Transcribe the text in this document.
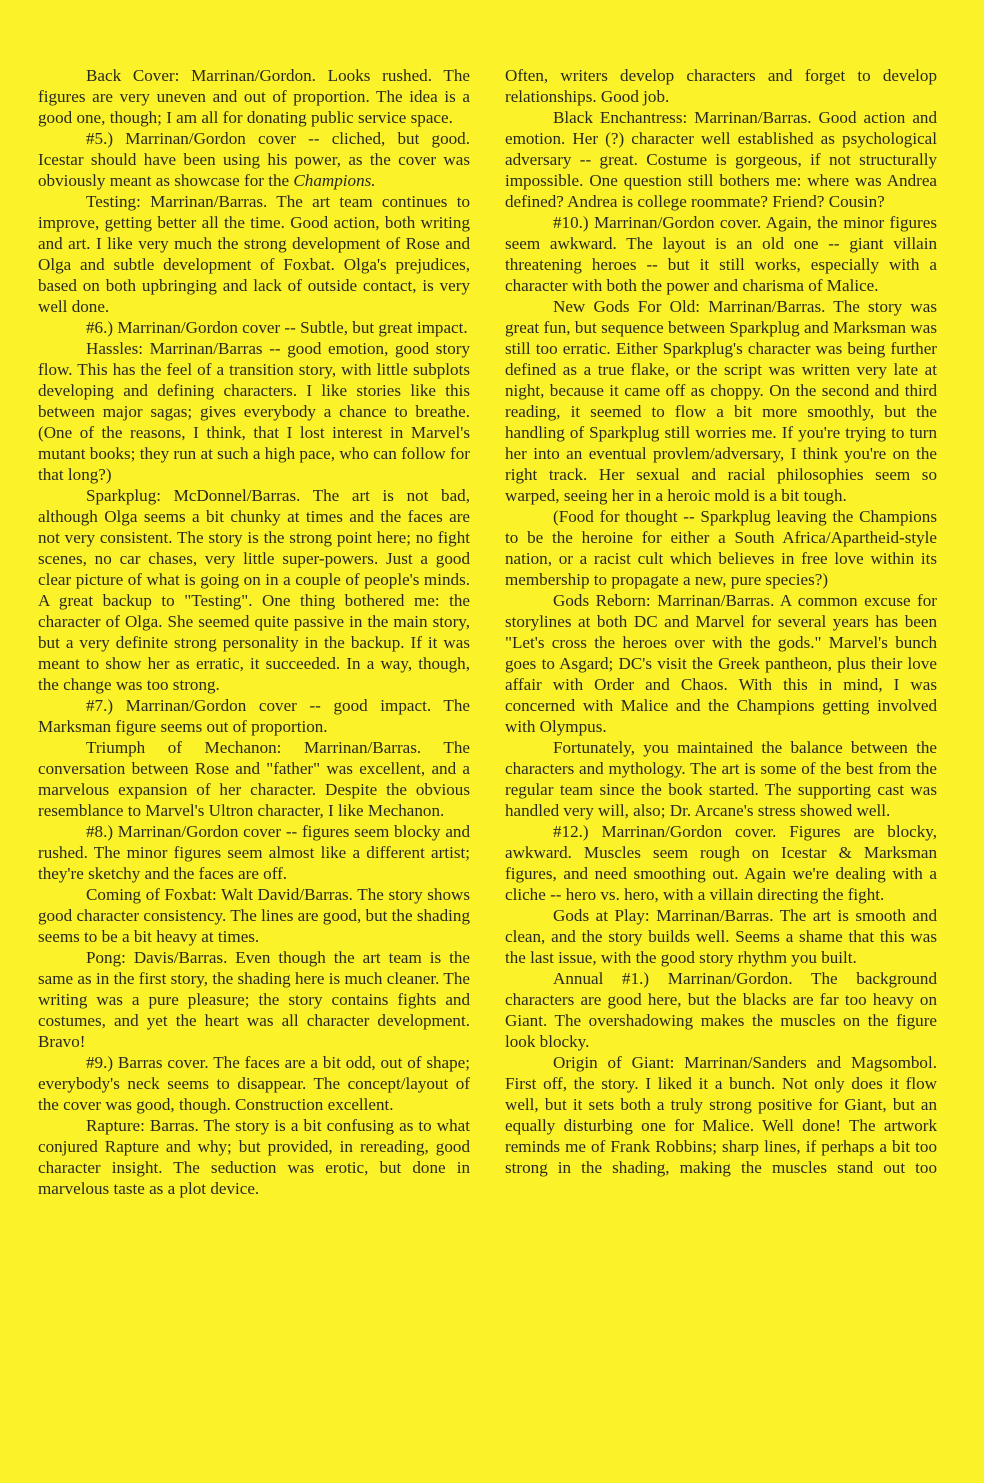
Back Cover: Marrinan/Gordon. Looks rushed. The figures are very uneven and out of proportion. The idea is a good one, though; I am all for donating public service space.

#5.) Marrinan/Gordon cover -- cliched, but good. Icestar should have been using his power, as the cover was obviously meant as showcase for the Champions.

Testing: Marrinan/Barras. The art team continues to improve, getting better all the time. Good action, both writing and art. I like very much the strong development of Rose and Olga and subtle development of Foxbat. Olga's prejudices, based on both upbringing and lack of outside contact, is very well done.

#6.) Marrinan/Gordon cover -- Subtle, but great impact.

Hassles: Marrinan/Barras -- good emotion, good story flow. This has the feel of a transition story, with little subplots developing and defining characters. I like stories like this between major sagas; gives everybody a chance to breathe. (One of the reasons, I think, that I lost interest in Marvel's mutant books; they run at such a high pace, who can follow for that long?)

Sparkplug: McDonnel/Barras. The art is not bad, although Olga seems a bit chunky at times and the faces are not very consistent. The story is the strong point here; no fight scenes, no car chases, very little super-powers. Just a good clear picture of what is going on in a couple of people's minds. A great backup to "Testing". One thing bothered me: the character of Olga. She seemed quite passive in the main story, but a very definite strong personality in the backup. If it was meant to show her as erratic, it succeeded. In a way, though, the change was too strong.

#7.) Marrinan/Gordon cover -- good impact. The Marksman figure seems out of proportion.

Triumph of Mechanon: Marrinan/Barras. The conversation between Rose and "father" was excellent, and a marvelous expansion of her character. Despite the obvious resemblance to Marvel's Ultron character, I like Mechanon.

#8.) Marrinan/Gordon cover -- figures seem blocky and rushed. The minor figures seem almost like a different artist; they're sketchy and the faces are off.

Coming of Foxbat: Walt David/Barras. The story shows good character consistency. The lines are good, but the shading seems to be a bit heavy at times.

Pong: Davis/Barras. Even though the art team is the same as in the first story, the shading here is much cleaner. The writing was a pure pleasure; the story contains fights and costumes, and yet the heart was all character development. Bravo!

#9.) Barras cover. The faces are a bit odd, out of shape; everybody's neck seems to disappear. The concept/layout of the cover was good, though. Construction excellent.

Rapture: Barras. The story is a bit confusing as to what conjured Rapture and why; but provided, in rereading, good character insight. The seduction was erotic, but done in marvelous taste as a plot device.

Often, writers develop characters and forget to develop relationships. Good job.

Black Enchantress: Marrinan/Barras. Good action and emotion. Her (?) character well established as psychological adversary -- great. Costume is gorgeous, if not structurally impossible. One question still bothers me: where was Andrea defined? Andrea is college roommate? Friend? Cousin?

#10.) Marrinan/Gordon cover. Again, the minor figures seem awkward. The layout is an old one -- giant villain threatening heroes -- but it still works, especially with a character with both the power and charisma of Malice.

New Gods For Old: Marrinan/Barras. The story was great fun, but sequence between Sparkplug and Marksman was still too erratic. Either Sparkplug's character was being further defined as a true flake, or the script was written very late at night, because it came off as choppy. On the second and third reading, it seemed to flow a bit more smoothly, but the handling of Sparkplug still worries me. If you're trying to turn her into an eventual provlem/adversary, I think you're on the right track. Her sexual and racial philosophies seem so warped, seeing her in a heroic mold is a bit tough.

(Food for thought -- Sparkplug leaving the Champions to be the heroine for either a South Africa/Apartheid-style nation, or a racist cult which believes in free love within its membership to propagate a new, pure species?)

Gods Reborn: Marrinan/Barras. A common excuse for storylines at both DC and Marvel for several years has been "Let's cross the heroes over with the gods." Marvel's bunch goes to Asgard; DC's visit the Greek pantheon, plus their love affair with Order and Chaos. With this in mind, I was concerned with Malice and the Champions getting involved with Olympus.

Fortunately, you maintained the balance between the characters and mythology. The art is some of the best from the regular team since the book started. The supporting cast was handled very will, also; Dr. Arcane's stress showed well.

#12.) Marrinan/Gordon cover. Figures are blocky, awkward. Muscles seem rough on Icestar & Marksman figures, and need smoothing out. Again we're dealing with a cliche -- hero vs. hero, with a villain directing the fight.

Gods at Play: Marrinan/Barras. The art is smooth and clean, and the story builds well. Seems a shame that this was the last issue, with the good story rhythm you built.

Annual #1.) Marrinan/Gordon. The background characters are good here, but the blacks are far too heavy on Giant. The overshadowing makes the muscles on the figure look blocky.

Origin of Giant: Marrinan/Sanders and Magsombol. First off, the story. I liked it a bunch. Not only does it flow well, but it sets both a truly strong positive for Giant, but an equally disturbing one for Malice. Well done! The artwork reminds me of Frank Robbins; sharp lines, if perhaps a bit too strong in the shading, making the muscles stand out too
